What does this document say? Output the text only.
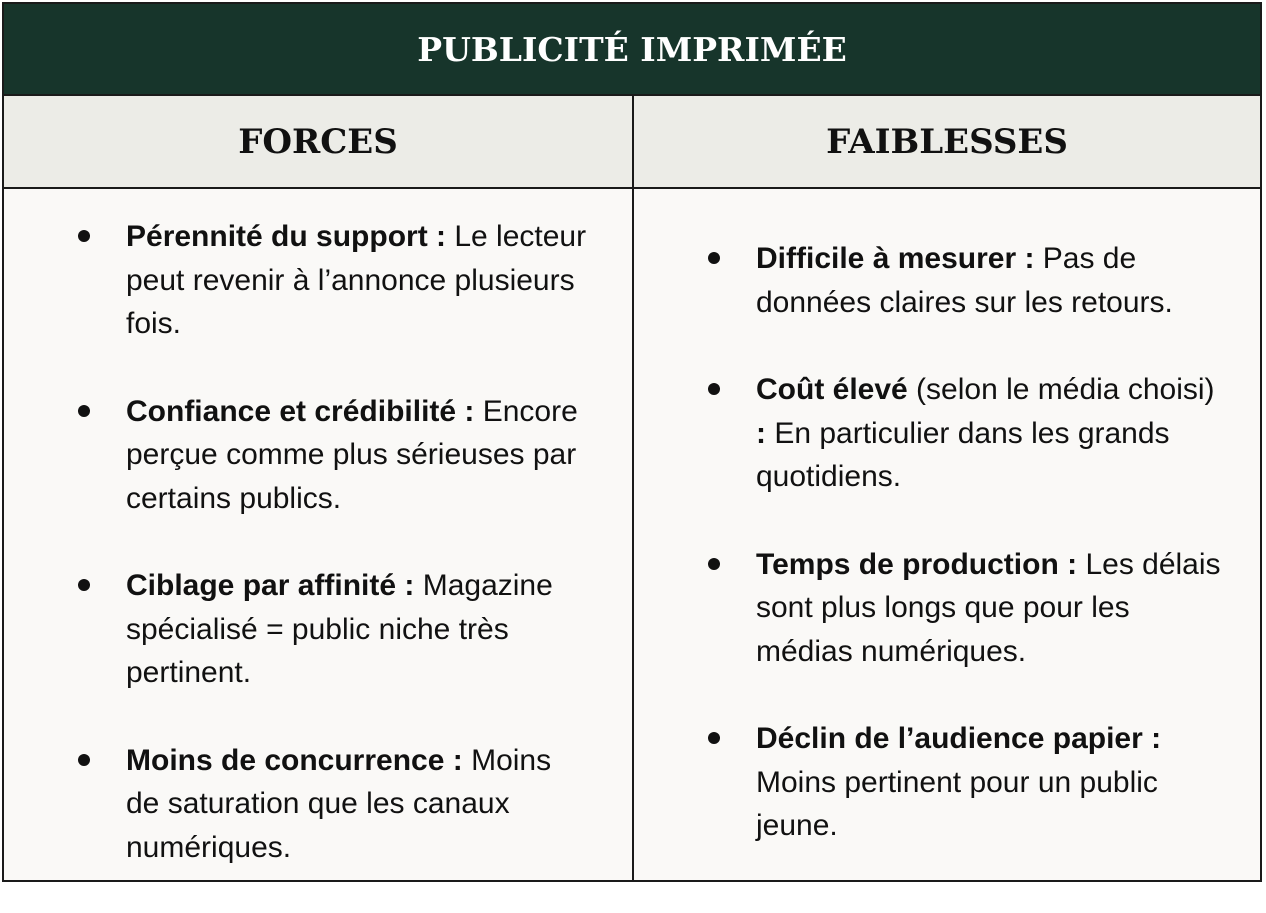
PUBLICITÉ IMPRIMÉE
FORCES	FAIBLESSES
Pérennité du support : Le lecteur peut revenir à l’annonce plusieurs fois.
Confiance et crédibilité : Encore perçue comme plus sérieuses par certains publics.
Ciblage par affinité : Magazine spécialisé = public niche très pertinent.
Moins de concurrence : Moins de saturation que les canaux numériques.
Difficile à mesurer : Pas de données claires sur les retours.
Coût élevé (selon le média choisi) : En particulier dans les grands quotidiens.
Temps de production : Les délais sont plus longs que pour les médias numériques.
Déclin de l’audience papier : Moins pertinent pour un public jeune.
